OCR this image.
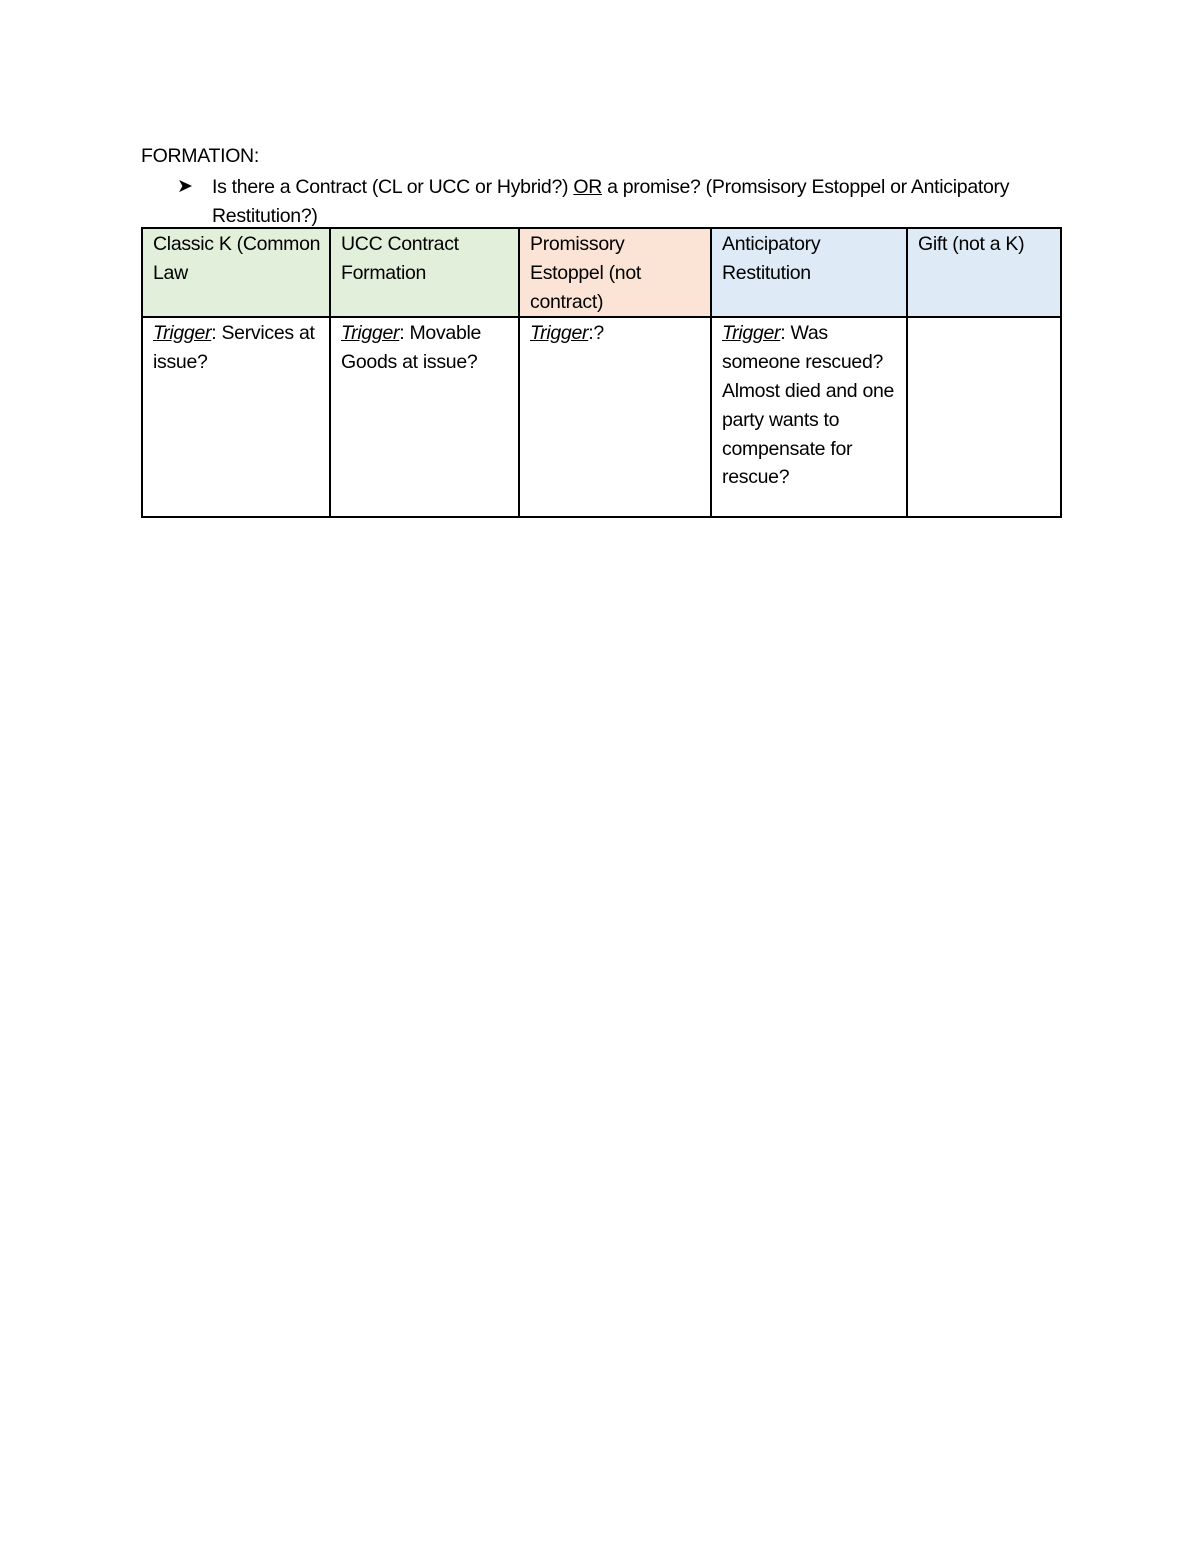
FORMATION:
➤ Is there a Contract (CL or UCC or Hybrid?) OR a promise? (Promsisory Estoppel or Anticipatory Restitution?)
Classic K (Common Law	UCC Contract Formation	Promissory Estoppel (not contract)	Anticipatory Restitution	Gift (not a K)
Trigger: Services at issue?	Trigger: Movable Goods at issue?	Trigger:?	Trigger: Was someone rescued? Almost died and one party wants to compensate for rescue?	
